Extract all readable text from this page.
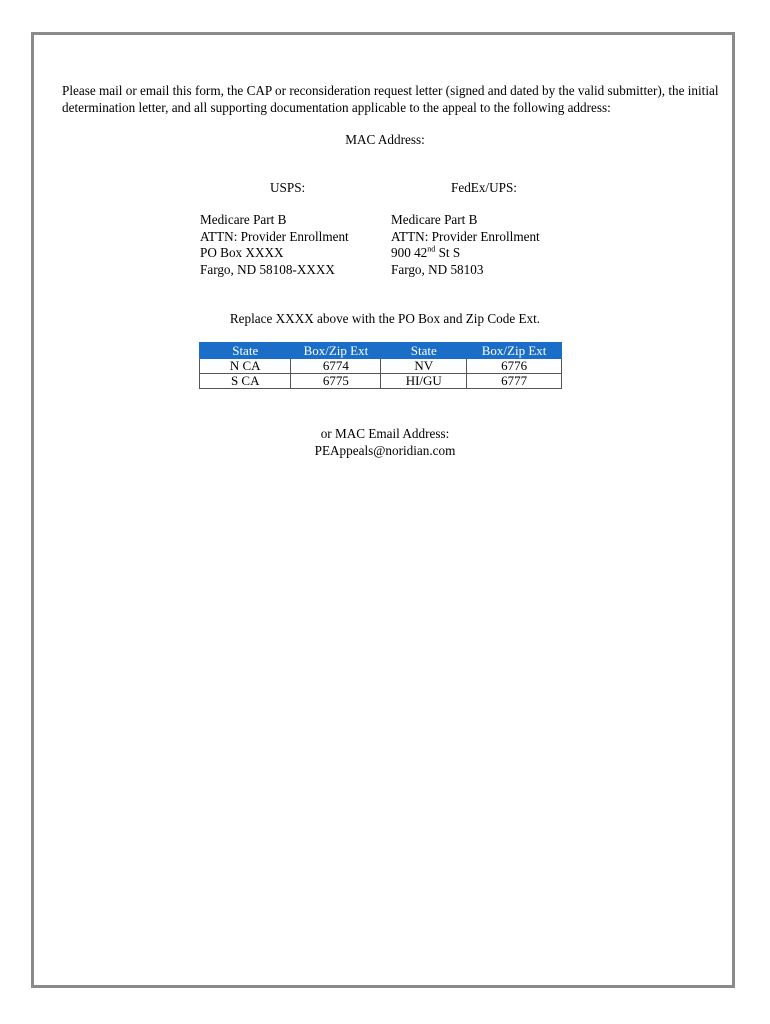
Please mail or email this form, the CAP or reconsideration request letter (signed and dated by the valid submitter), the initial determination letter, and all supporting documentation applicable to the appeal to the following address:

MAC Address:
USPS:	FedEx/UPS:
Medicare Part B
ATTN: Provider Enrollment
PO Box XXXX
Fargo, ND 58108-XXXX
Medicare Part B
ATTN: Provider Enrollment
900 42nd St S
Fargo, ND 58103
Replace XXXX above with the PO Box and Zip Code Ext.
State	Box/Zip Ext	State	Box/Zip Ext
N CA	6774	NV	6776
S CA	6775	HI/GU	6777
or MAC Email Address:
PEAppeals@noridian.com
